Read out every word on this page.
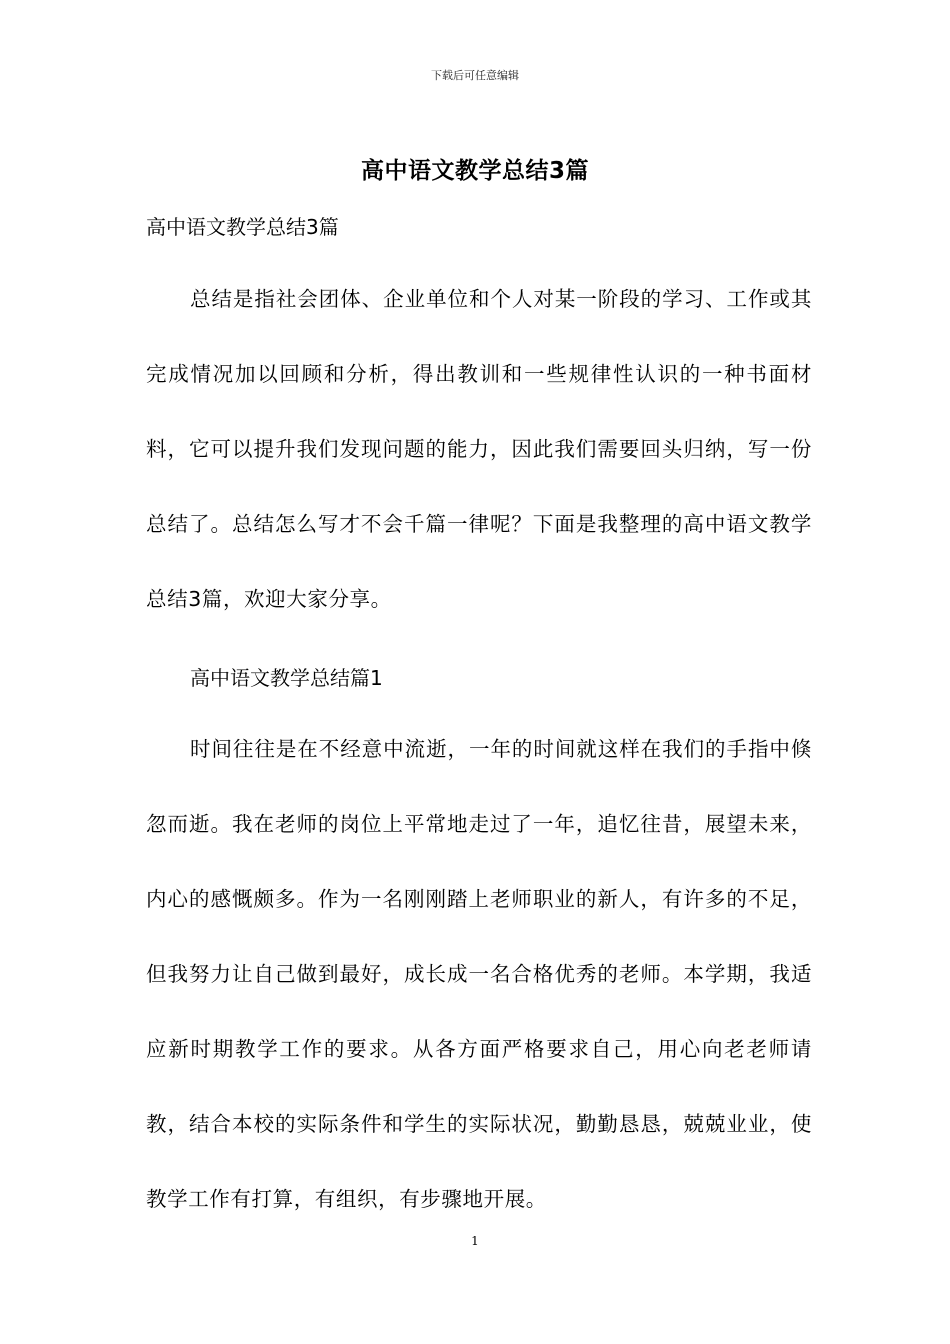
下载后可任意编辑
高中语文教学总结3篇
高中语文教学总结3篇

总结是指社会团体、企业单位和个人对某一阶段的学习、工作或其完成情况加以回顾和分析，得出教训和一些规律性认识的一种书面材料，它可以提升我们发现问题的能力，因此我们需要回头归纳，写一份总结了。总结怎么写才不会千篇一律呢？下面是我整理的高中语文教学总结3篇，欢迎大家分享。

高中语文教学总结篇1

时间往往是在不经意中流逝，一年的时间就这样在我们的手指中倏忽而逝。我在老师的岗位上平常地走过了一年，追忆往昔，展望未来，内心的感慨颇多。作为一名刚刚踏上老师职业的新人，有许多的不足，但我努力让自己做到最好，成长成一名合格优秀的老师。本学期，我适应新时期教学工作的要求。从各方面严格要求自己，用心向老老师请教，结合本校的实际条件和学生的实际状况，勤勤恳恳，兢兢业业，使教学工作有打算，有组织，有步骤地开展。

1
